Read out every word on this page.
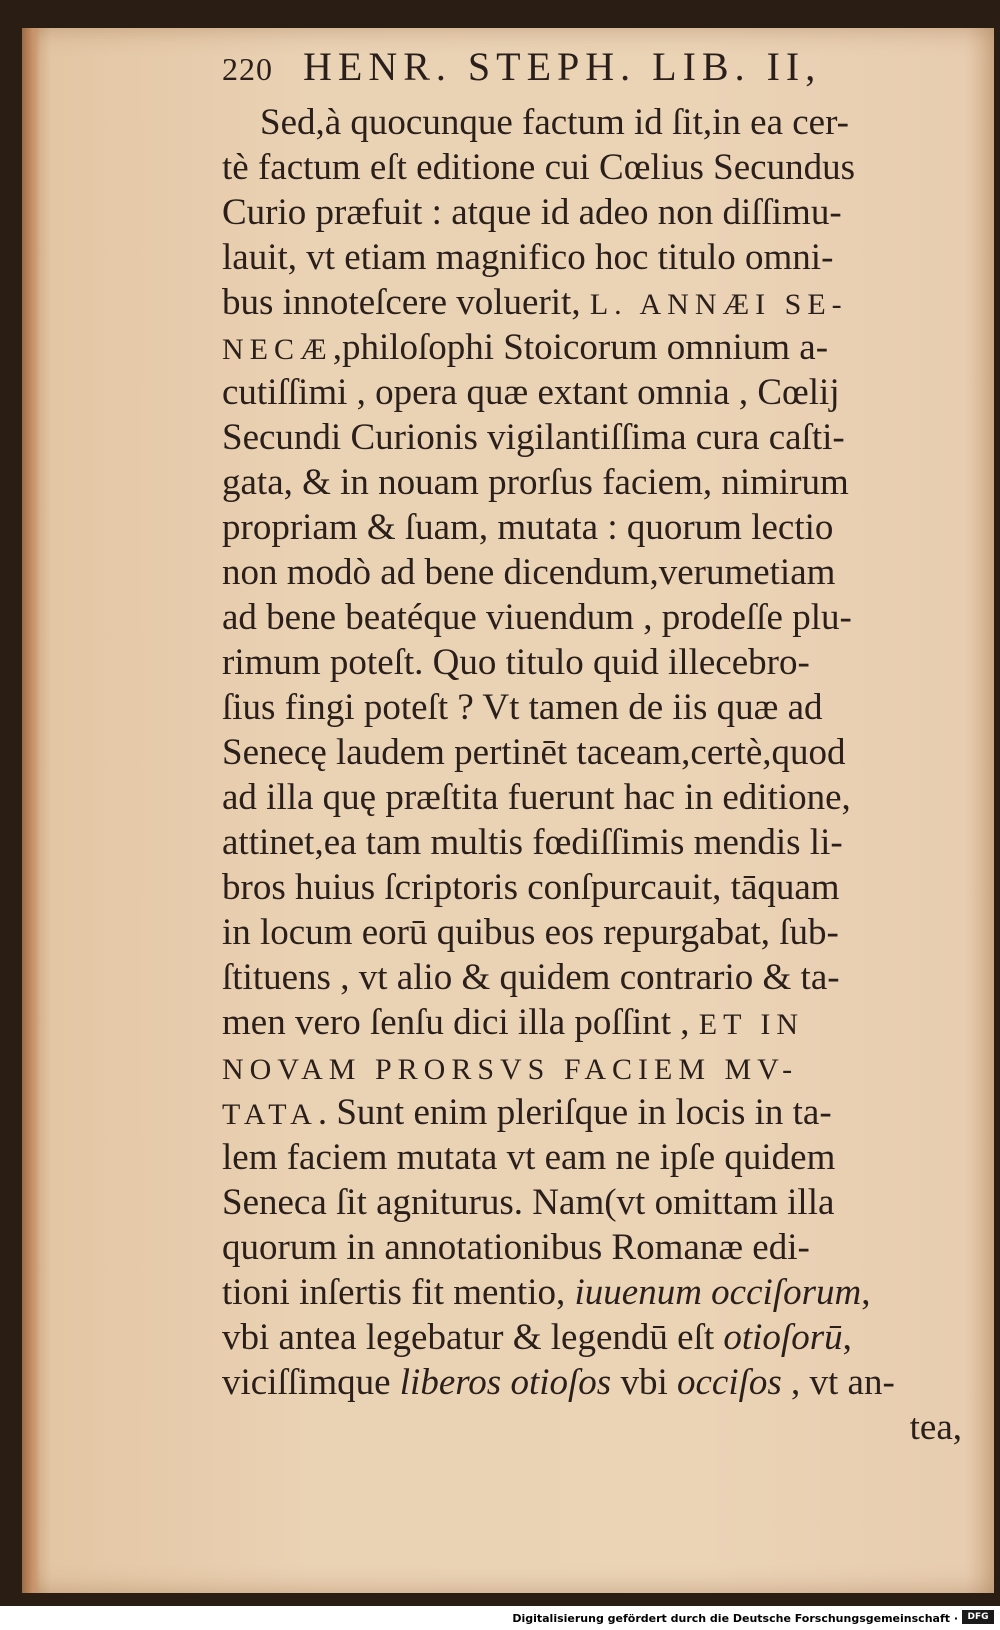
220 HENR. STEPH. LIB. II,
Sed,à quocunque factum id ſit,in ea cer-
tè factum eſt editione cui Cœlius Secundus
Curio præfuit : atque id adeo non diſſimu-
lauit, vt etiam magnifico hoc titulo omni-
bus innoteſcere voluerit, L. ANNÆI SE-
NECÆ,philoſophi Stoicorum omnium a-
cutiſſimi , opera quæ extant omnia , Cœlij
Secundi Curionis vigilantiſſima cura caſti-
gata, & in nouam prorſus faciem, nimirum
propriam & ſuam, mutata : quorum lectio
non modò ad bene dicendum,verumetiam
ad bene beatéque viuendum , prodeſſe plu-
rimum poteſt. Quo titulo quid illecebro-
ſius fingi poteſt ? Vt tamen de iis quæ ad
Senecę laudem pertinēt taceam,certè,quod
ad illa quę præſtita fuerunt hac in editione,
attinet,ea tam multis fœdiſſimis mendis li-
bros huius ſcriptoris conſpurcauit, tāquam
in locum eorū quibus eos repurgabat, ſub-
ſtituens , vt alio & quidem contrario & ta-
men vero ſenſu dici illa poſſint , ET IN
NOVAM PRORSVS FACIEM MV-
TATA. Sunt enim pleriſque in locis in ta-
lem faciem mutata vt eam ne ipſe quidem
Seneca ſit agniturus. Nam(vt omittam illa
quorum in annotationibus Romanæ edi-
tioni inſertis fit mentio, iuuenum occiſorum,
vbi antea legebatur & legendū eſt otioſorū,
viciſſimque liberos otioſos vbi occiſos , vt an-
tea,
Digitalisierung gefördert durch die Deutsche Forschungsgemeinschaft ·	DFG
